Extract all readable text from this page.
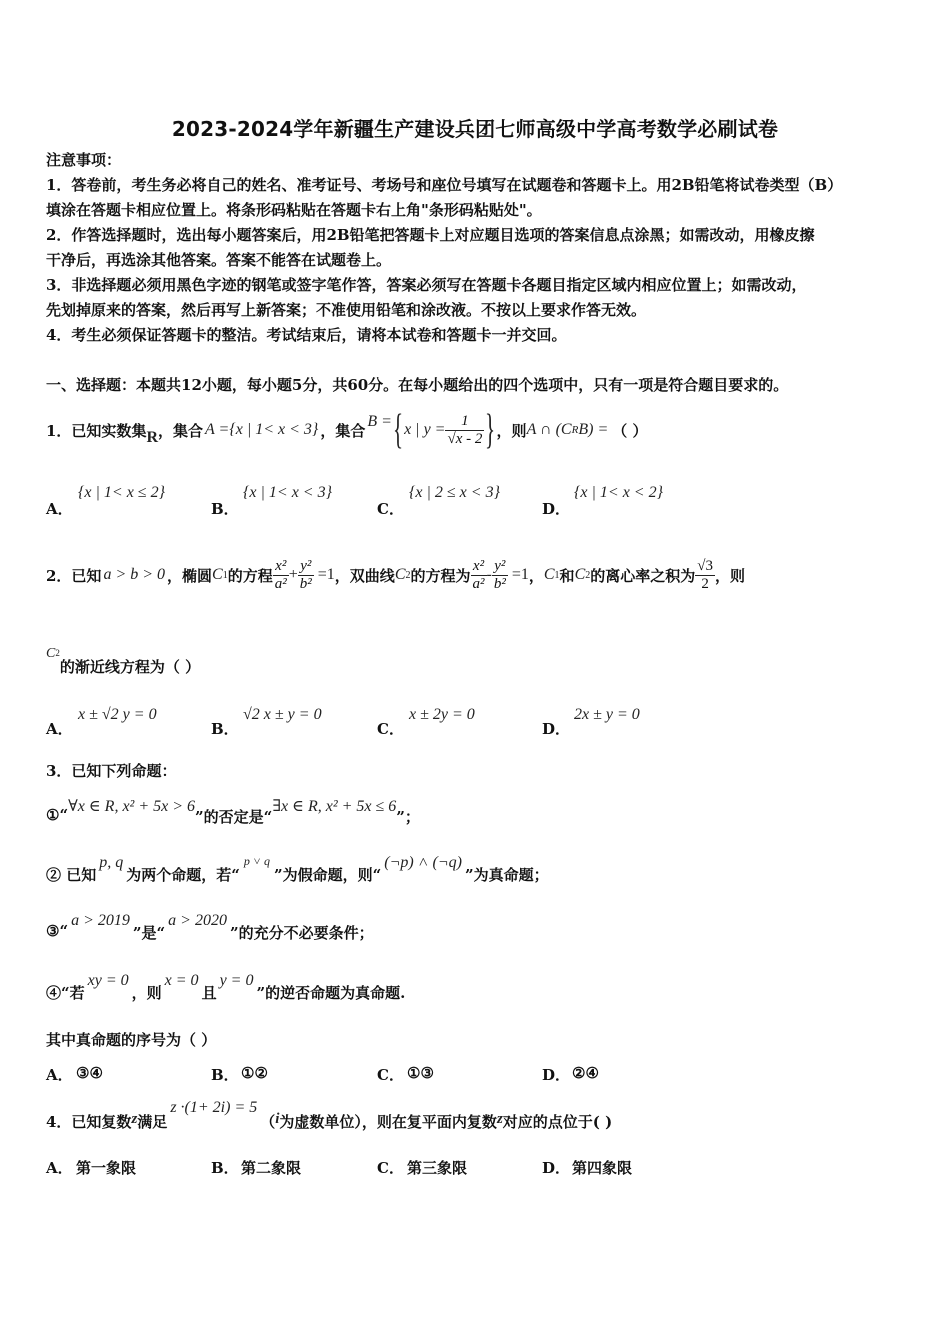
2023-2024学年新疆生产建设兵团七师高级中学高考数学必刷试卷
注意事项：
1．答卷前，考生务必将自己的姓名、准考证号、考场号和座位号填写在试题卷和答题卡上。用2B铅笔将试卷类型（B）
填涂在答题卡相应位置上。将条形码粘贴在答题卡右上角"条形码粘贴处"。
2．作答选择题时，选出每小题答案后，用2B铅笔把答题卡上对应题目选项的答案信息点涂黑；如需改动，用橡皮擦
干净后，再选涂其他答案。答案不能答在试题卷上。
3．非选择题必须用黑色字迹的钢笔或签字笔作答，答案必须写在答题卡各题目指定区域内相应位置上；如需改动，
先划掉原来的答案，然后再写上新答案；不准使用铅笔和涂改液。不按以上要求作答无效。
4．考生必须保证答题卡的整洁。考试结束后，请将本试卷和答题卡一并交回。
一、选择题：本题共12小题，每小题5分，共60分。在每小题给出的四个选项中，只有一项是符合题目要求的。
1．已知实数集 R ，集合 A ={x | 1< x < 3} ，集合 B = { x | $y = \frac{1}{√x - 2}$ } ，则 A ∩ (C R B) = （ ）
A．
{x | 1< x ≤ 2}
B．
{x | 1< x < 3}
C．
{x | 2 ≤ x < 3}
D．
{x | 1< x < 2}
2．已知 a > b > 0 ，椭圆 C 1 的方程 $\frac{\text{x²}}{\text{a²}} + \frac{\text{y²}}{\text{b²}} =1$ ，双曲线 C 2 的方程为 $\frac{\text{x²}}{\text{a²}} - \frac{\text{y²}}{\text{b²}} =1$ ， C 1 和 C 2 的离心率之积为 $\frac{√3}{2}$ ，则
$C_2$
的渐近线方程为（ ）
A．
x ± √2 y = 0
B．
√2 x ± y = 0
C．
x ± 2y = 0
D．
2x ± y = 0
3．已知下列命题：
①“ ∀x ∈ R, x² + 5x > 6
”的否定是“
∃x ∈ R, x² + 5x ≤ 6
”；
② 已知
p, q
为两个命题，若“
p ˅ q
”为假命题，则“
(¬p) ˄ (¬q)
”为真命题；
③“
a > 2019
”是“
a > 2020
”的充分不必要条件；
④“若
xy = 0
，则
x = 0
且
y = 0
”的逆否命题为真命题.
其中真命题的序号为（ ）
A． ③④	B． ①②	C． ①③	D． ②④
4．已知复数 z 满足
z ·(1+ 2i) = 5
（ i 为虚数单位），则在复平面内复数 z 对应的点位于( )
A． 第一象限	B． 第二象限	C． 第三象限	D． 第四象限
